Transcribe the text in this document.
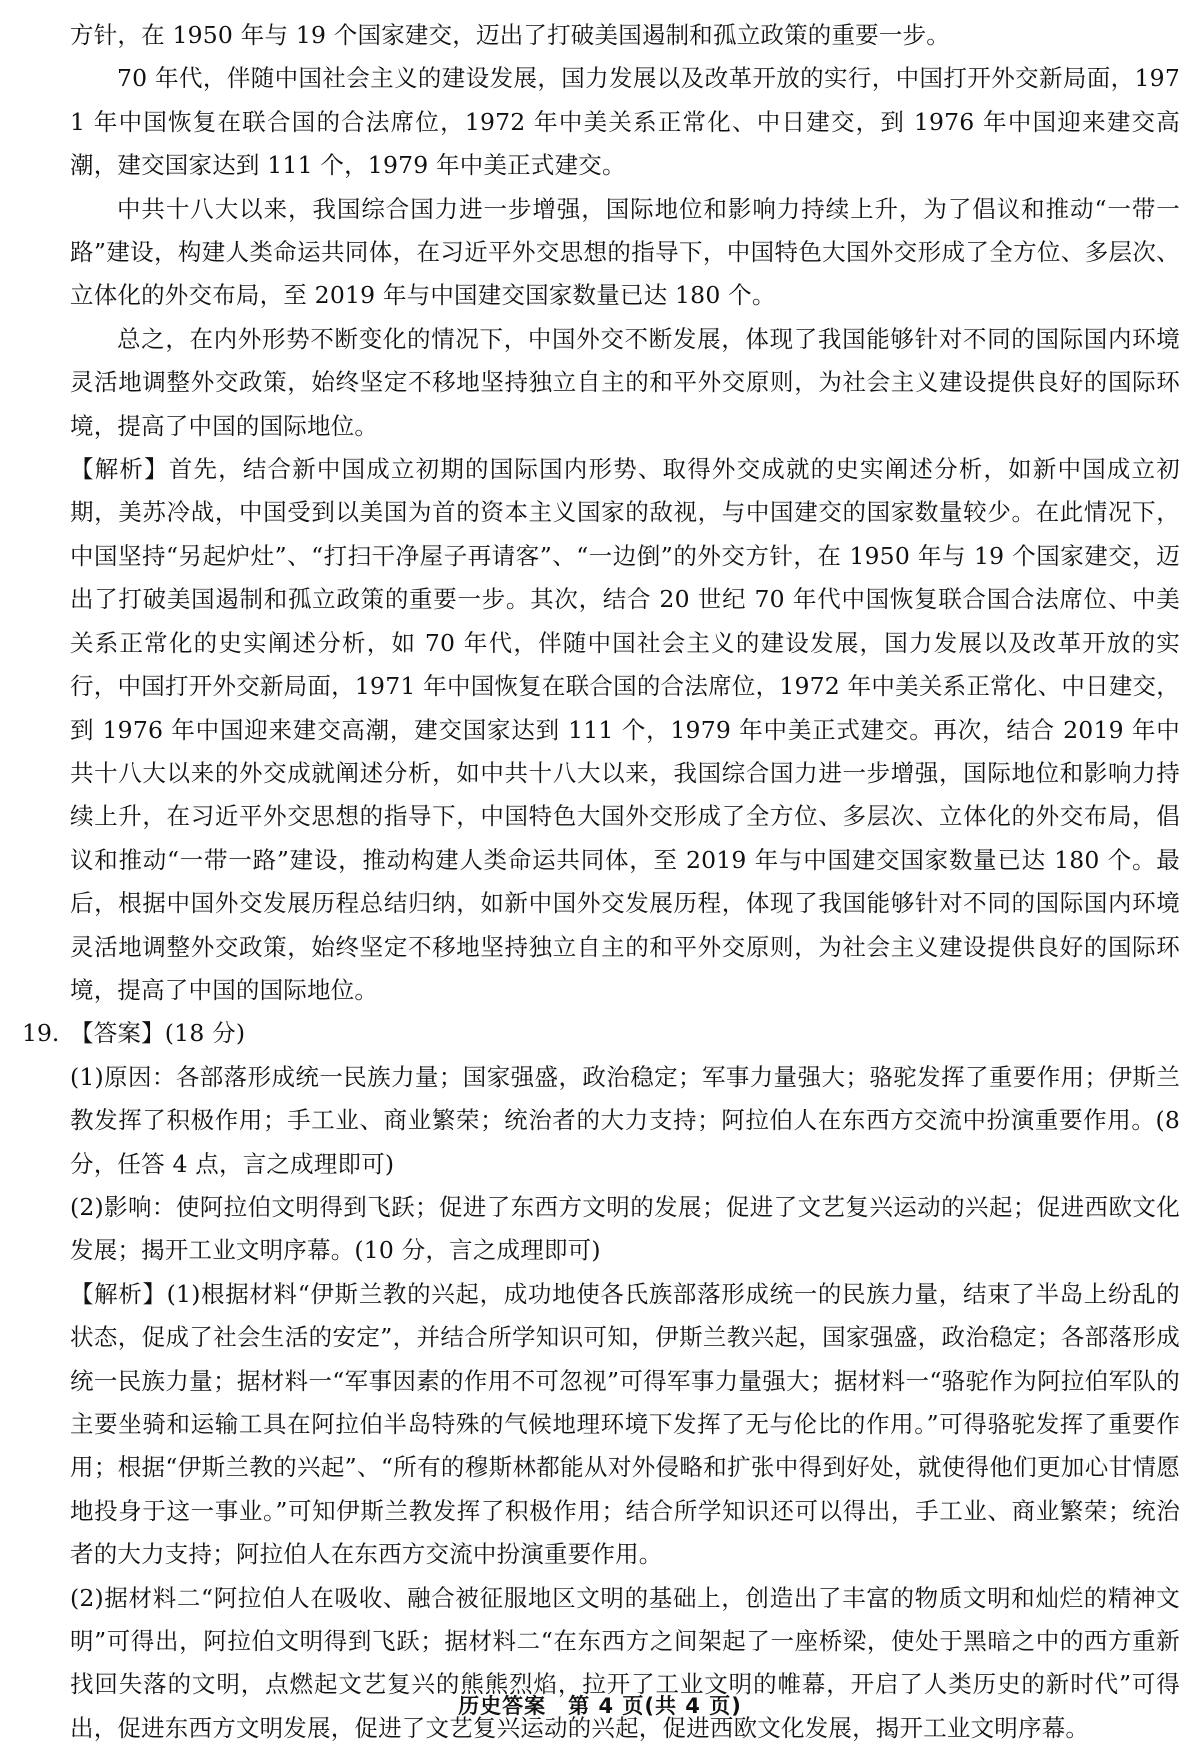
方针，在 1950 年与 19 个国家建交，迈出了打破美国遏制和孤立政策的重要一步。

70 年代，伴随中国社会主义的建设发展，国力发展以及改革开放的实行，中国打开外交新局面，1971 年中国恢复在联合国的合法席位，1972 年中美关系正常化、中日建交，到 1976 年中国迎来建交高潮，建交国家达到 111 个，1979 年中美正式建交。

中共十八大以来，我国综合国力进一步增强，国际地位和影响力持续上升，为了倡议和推动“一带一路”建设，构建人类命运共同体，在习近平外交思想的指导下，中国特色大国外交形成了全方位、多层次、立体化的外交布局，至 2019 年与中国建交国家数量已达 180 个。

总之，在内外形势不断变化的情况下，中国外交不断发展，体现了我国能够针对不同的国际国内环境灵活地调整外交政策，始终坚定不移地坚持独立自主的和平外交原则，为社会主义建设提供良好的国际环境，提高了中国的国际地位。

【解析】首先，结合新中国成立初期的国际国内形势、取得外交成就的史实阐述分析，如新中国成立初期，美苏冷战，中国受到以美国为首的资本主义国家的敌视，与中国建交的国家数量较少。在此情况下，中国坚持“另起炉灶”、“打扫干净屋子再请客”、“一边倒”的外交方针，在 1950 年与 19 个国家建交，迈出了打破美国遏制和孤立政策的重要一步。其次，结合 20 世纪 70 年代中国恢复联合国合法席位、中美关系正常化的史实阐述分析，如 70 年代，伴随中国社会主义的建设发展，国力发展以及改革开放的实行，中国打开外交新局面，1971 年中国恢复在联合国的合法席位，1972 年中美关系正常化、中日建交，到 1976 年中国迎来建交高潮，建交国家达到 111 个，1979 年中美正式建交。再次，结合 2019 年中共十八大以来的外交成就阐述分析，如中共十八大以来，我国综合国力进一步增强，国际地位和影响力持续上升，在习近平外交思想的指导下，中国特色大国外交形成了全方位、多层次、立体化的外交布局，倡议和推动“一带一路”建设，推动构建人类命运共同体，至 2019 年与中国建交国家数量已达 180 个。最后，根据中国外交发展历程总结归纳，如新中国外交发展历程，体现了我国能够针对不同的国际国内环境灵活地调整外交政策，始终坚定不移地坚持独立自主的和平外交原则，为社会主义建设提供良好的国际环境，提高了中国的国际地位。

19. 【答案】(18 分)

(1)原因：各部落形成统一民族力量；国家强盛，政治稳定；军事力量强大；骆驼发挥了重要作用；伊斯兰教发挥了积极作用；手工业、商业繁荣；统治者的大力支持；阿拉伯人在东西方交流中扮演重要作用。(8 分，任答 4 点，言之成理即可)

(2)影响：使阿拉伯文明得到飞跃；促进了东西方文明的发展；促进了文艺复兴运动的兴起；促进西欧文化发展；揭开工业文明序幕。(10 分，言之成理即可)

【解析】(1)根据材料“伊斯兰教的兴起，成功地使各氏族部落形成统一的民族力量，结束了半岛上纷乱的状态，促成了社会生活的安定”，并结合所学知识可知，伊斯兰教兴起，国家强盛，政治稳定；各部落形成统一民族力量；据材料一“军事因素的作用不可忽视”可得军事力量强大；据材料一“骆驼作为阿拉伯军队的主要坐骑和运输工具在阿拉伯半岛特殊的气候地理环境下发挥了无与伦比的作用。”可得骆驼发挥了重要作用；根据“伊斯兰教的兴起”、“所有的穆斯林都能从对外侵略和扩张中得到好处，就使得他们更加心甘情愿地投身于这一事业。”可知伊斯兰教发挥了积极作用；结合所学知识还可以得出，手工业、商业繁荣；统治者的大力支持；阿拉伯人在东西方交流中扮演重要作用。

(2)据材料二“阿拉伯人在吸收、融合被征服地区文明的基础上，创造出了丰富的物质文明和灿烂的精神文明”可得出，阿拉伯文明得到飞跃；据材料二“在东西方之间架起了一座桥梁，使处于黑暗之中的西方重新找回失落的文明，点燃起文艺复兴的熊熊烈焰，拉开了工业文明的帷幕，开启了人类历史的新时代”可得出，促进东西方文明发展，促进了文艺复兴运动的兴起，促进西欧文化发展，揭开工业文明序幕。

历史答案　第 4 页(共 4 页)
